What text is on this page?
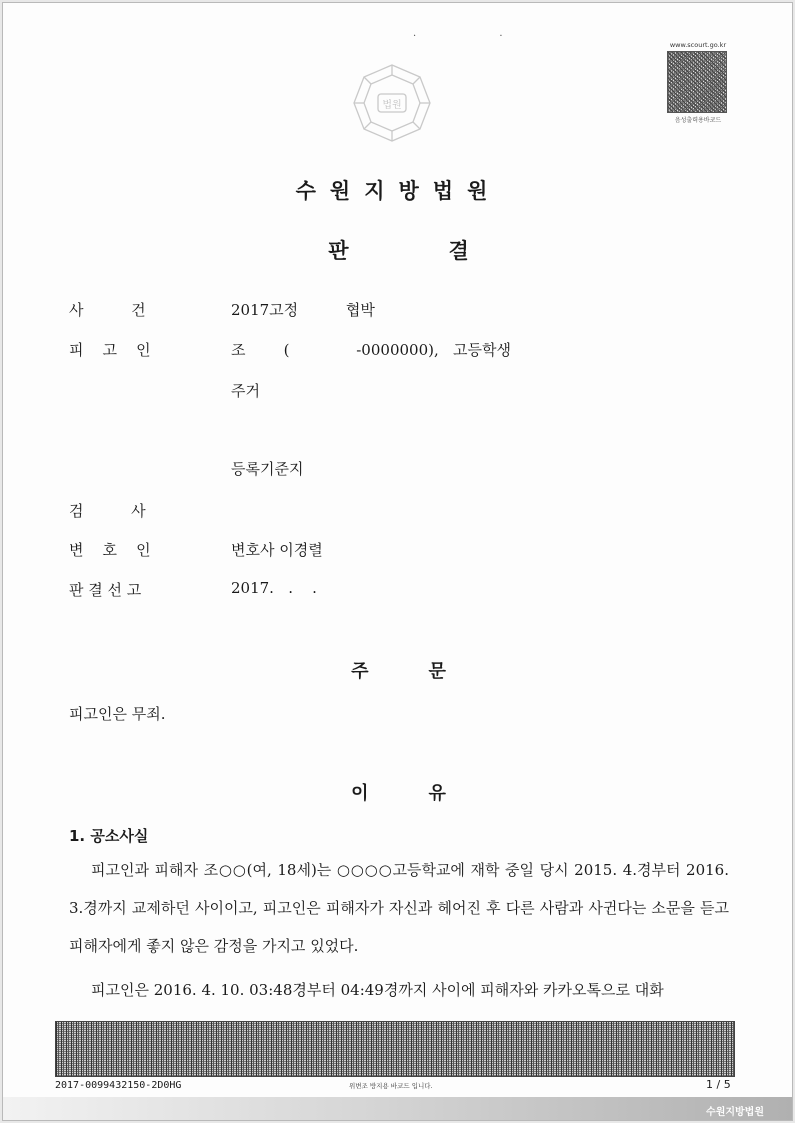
· ·
www.scourt.go.kr
음성출력용바코드
법원
수원지방법원
판결
사          건	2017고정          협박
피    고    인	조        (              -0000000),   고등학생
주거
등록기준지
검          사
변    호    인	변호사 이경렬
판 결 선 고	2017.   .    .
주문
피고인은 무죄.
이유
1. 공소사실
피고인과 피해자 조○○(여, 18세)는 ○○○○고등학교에 재학 중일 당시 2015. 4.경부터 2016. 3.경까지 교제하던 사이이고, 피고인은 피해자가 자신과 헤어진 후 다른 사람과 사귄다는 소문을 듣고 피해자에게 좋지 않은 감정을 가지고 있었다.
피고인은 2016. 4. 10. 03:48경부터 04:49경까지 사이에 피해자와 카카오톡으로 대화
2017-0099432150-2D0HG	위변조 방지용 바코드 입니다.	1 / 5
수원지방법원
